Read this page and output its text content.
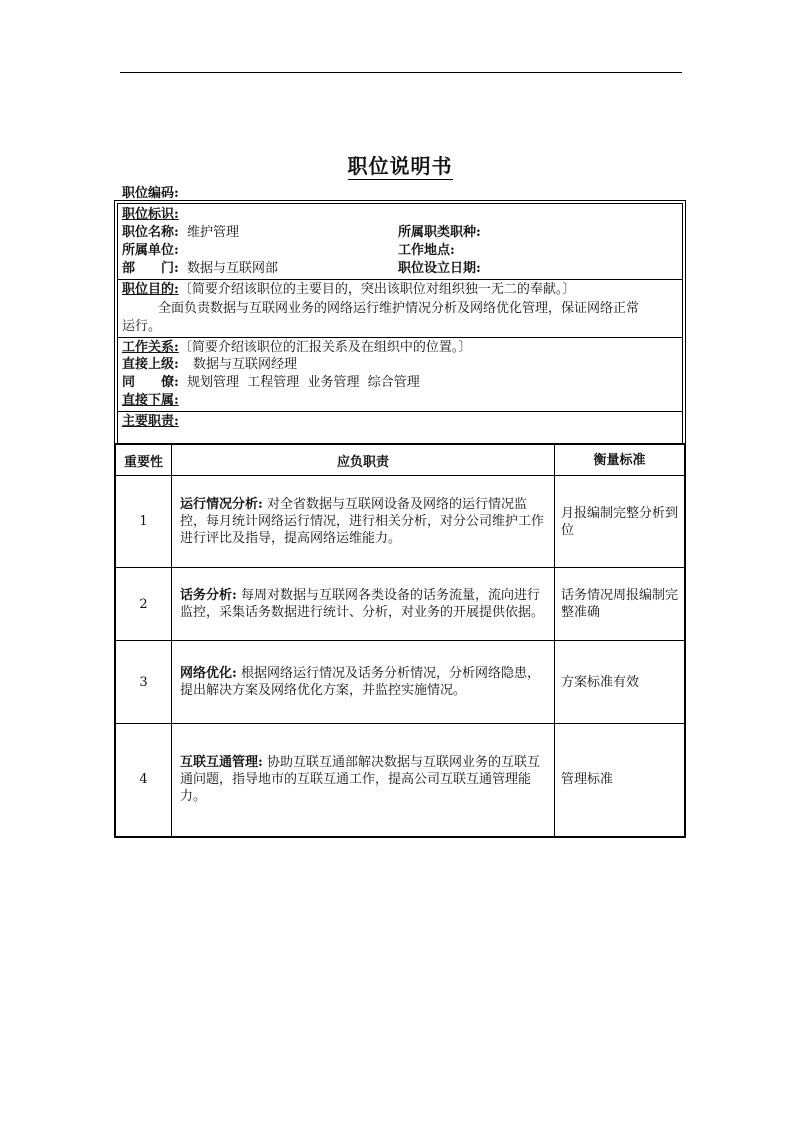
职位说明书
职位编码:
职位标识:
职位名称: 维护管理	所属职类职种:
所属单位:	工作地点:
部　　门: 数据与互联网部	职位设立日期:
职位目的:〔简要介绍该职位的主要目的，突出该职位对组织独一无二的奉献。〕
全面负责数据与互联网业务的网络运行维护情况分析及网络优化管理，保证网络正常
运行。
工作关系:〔简要介绍该职位的汇报关系及在组织中的位置。〕
直接上级: 数据与互联网经理
同　　僚: 规划管理  工程管理  业务管理  综合管理
直接下属:
主要职责:
重要性	应负职责	衡量标准
1	运行情况分析: 对全省数据与互联网设备及网络的运行情况监控，每月统计网络运行情况，进行相关分析，对分公司维护工作进行评比及指导，提高网络运维能力。	月报编制完整分析到位
2	话务分析: 每周对数据与互联网各类设备的话务流量，流向进行监控，采集话务数据进行统计、分析，对业务的开展提供依据。	话务情况周报编制完整准确
3	网络优化: 根据网络运行情况及话务分析情况，分析网络隐患，提出解决方案及网络优化方案，并监控实施情况。	方案标准有效
4	互联互通管理: 协助互联互通部解决数据与互联网业务的互联互通问题，指导地市的互联互通工作，提高公司互联互通管理能力。	管理标准
